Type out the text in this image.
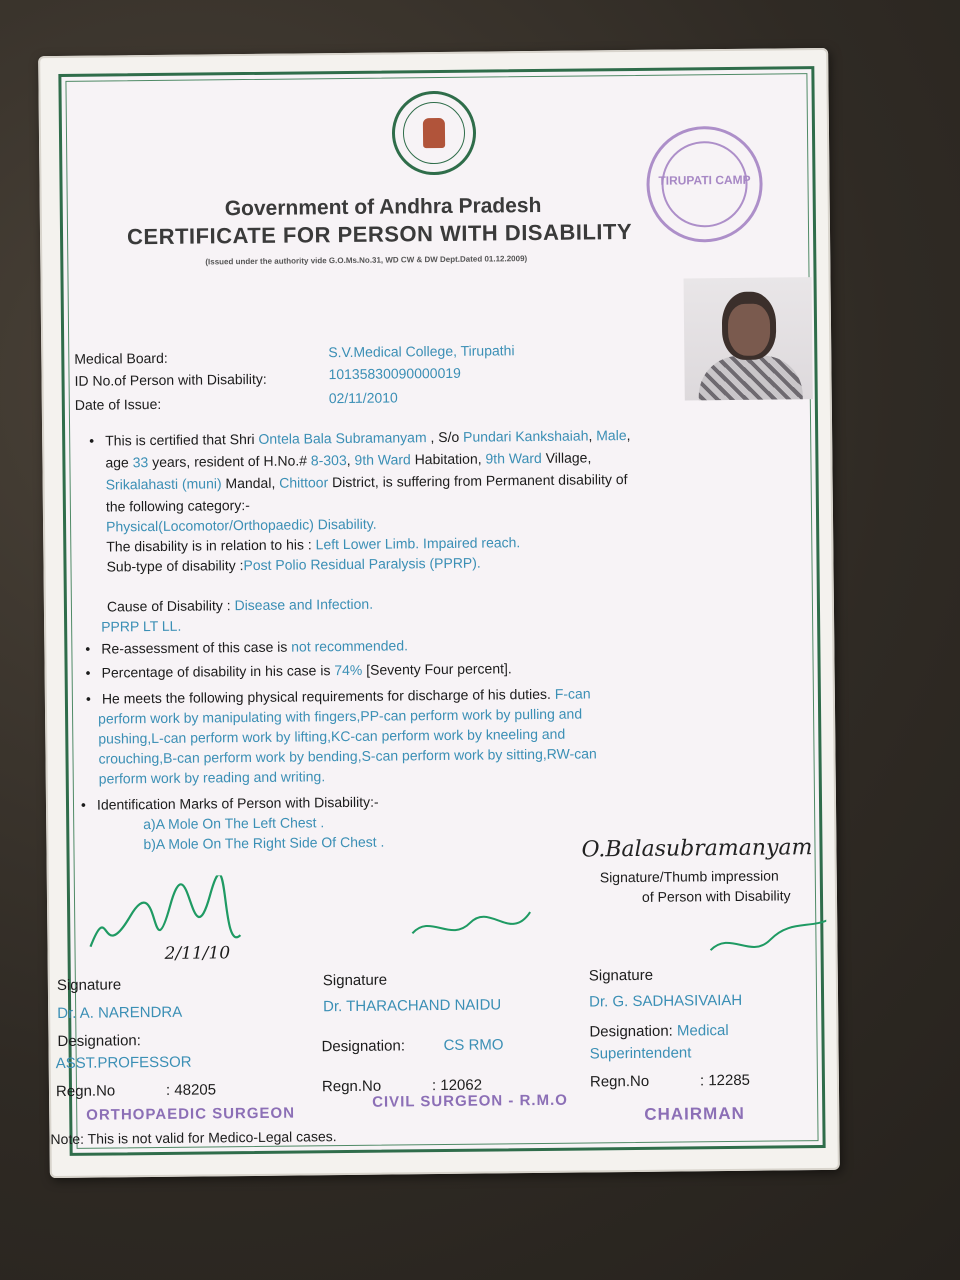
TIRUPATI CAMP
Government of Andhra Pradesh
CERTIFICATE FOR PERSON WITH DISABILITY
(Issued under the authority vide G.O.Ms.No.31, WD CW & DW Dept.Dated 01.12.2009)
Medical Board:	S.V.Medical College, Tirupathi
ID No.of Person with Disability:	10135830090000019
Date of Issue:	02/11/2010
• This is certified that Shri Ontela Bala Subramanyam , S/o Pundari Kankshaiah, Male,
age 33 years, resident of H.No.# 8-303, 9th Ward Habitation, 9th Ward Village,
Srikalahasti (muni) Mandal, Chittoor District, is suffering from Permanent disability of
the following category:-
Physical(Locomotor/Orthopaedic) Disability.
The disability is in relation to his : Left Lower Limb. Impaired reach.
Sub-type of disability :Post Polio Residual Paralysis (PPRP).
Cause of Disability : Disease and Infection.
PPRP LT LL.
• Re-assessment of this case is not recommended.
• Percentage of disability in his case is 74% [Seventy Four percent].
• He meets the following physical requirements for discharge of his duties. F-can
perform work by manipulating with fingers,PP-can perform work by pulling and
pushing,L-can perform work by lifting,KC-can perform work by kneeling and
crouching,B-can perform work by bending,S-can perform work by sitting,RW-can
perform work by reading and writing.
• Identification Marks of Person with Disability:-
a)A Mole On The Left Chest .
b)A Mole On The Right Side Of Chest .	O.Balasubramanyam
Signature/Thumb impression
of Person with Disability
2/11/10
Signature
Dr. A. NARENDRA
Designation:
ASST.PROFESSOR
Regn.No	: 48205
ORTHOPAEDIC SURGEON
Signature
Dr. THARACHAND NAIDU
Designation:	CS RMO
Regn.No	: 12062
CIVIL SURGEON - R.M.O
Signature
Dr. G. SADHASIVAIAH
Designation: Medical
Superintendent
Regn.No	: 12285
CHAIRMAN
Note: This is not valid for Medico-Legal cases.
